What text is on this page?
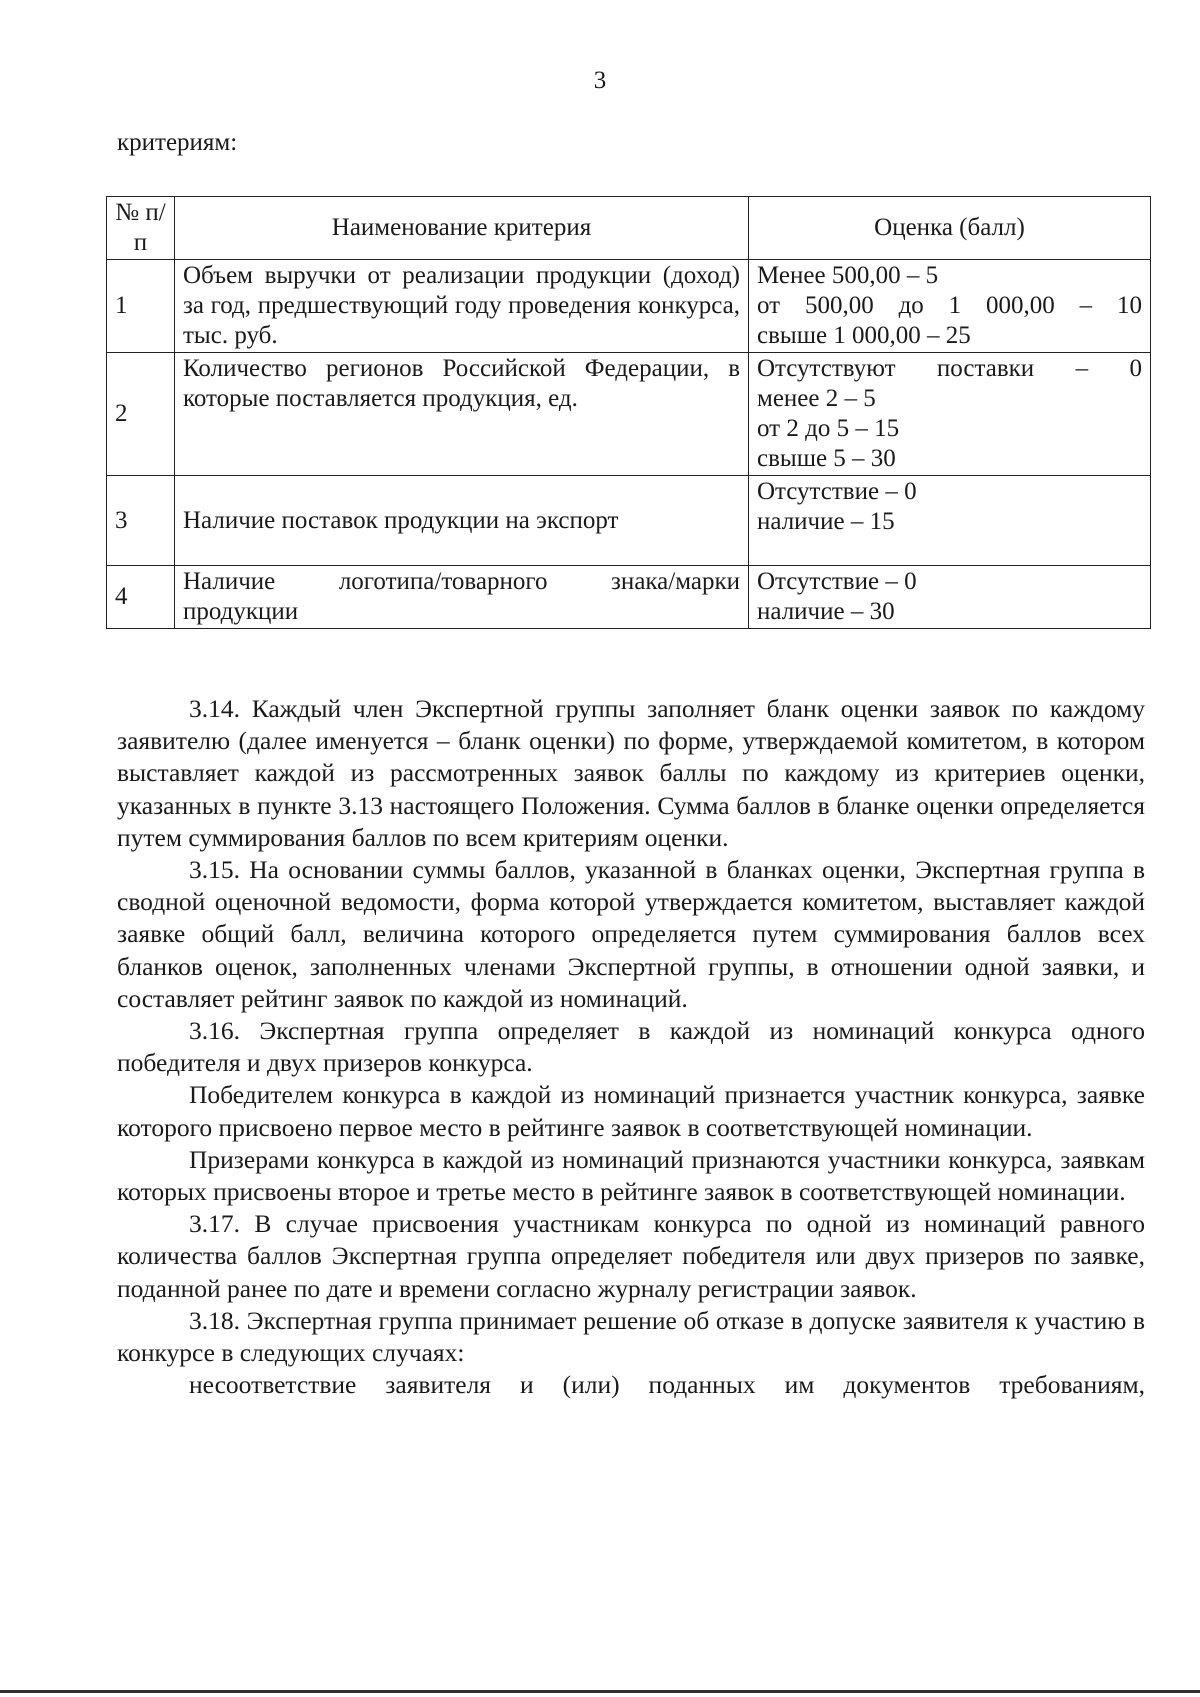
3
критериям:
№ п/п	Наименование критерия	Оценка (балл)
1	Объем выручки от реализации продукции (доход) за год, предшествующий году проведения конкурса, тыс. руб.	Менее 500,00 – 5
от 500,00 до 1 000,00 – 10
свыше 1 000,00 – 25

2	Количество регионов Российской Федерации, в которые поставляется продукция, ед.	Отсутствуют поставки – 0
менее 2 – 5
от 2 до 5 – 15
свыше 5 – 30

3	Наличие поставок продукции на экспорт	Отсутствие – 0
наличие – 15

4	Наличие логотипа/товарного знака/марки продукции	Отсутствие – 0
наличие – 30

3.14. Каждый член Экспертной группы заполняет бланк оценки заявок по каждому заявителю (далее именуется – бланк оценки) по форме, утверждаемой комитетом, в котором выставляет каждой из рассмотренных заявок баллы по каждому из критериев оценки, указанных в пункте 3.13 настоящего Положения. Сумма баллов в бланке оценки определяется путем суммирования баллов по всем критериям оценки.

3.15. На основании суммы баллов, указанной в бланках оценки, Экспертная группа в сводной оценочной ведомости, форма которой утверждается комитетом, выставляет каждой заявке общий балл, величина которого определяется путем суммирования баллов всех бланков оценок, заполненных членами Экспертной группы, в отношении одной заявки, и составляет рейтинг заявок по каждой из номинаций.

3.16. Экспертная группа определяет в каждой из номинаций конкурса одного победителя и двух призеров конкурса.

Победителем конкурса в каждой из номинаций признается участник конкурса, заявке которого присвоено первое место в рейтинге заявок в соответствующей номинации.

Призерами конкурса в каждой из номинаций признаются участники конкурса, заявкам которых присвоены второе и третье место в рейтинге заявок в соответствующей номинации.

3.17. В случае присвоения участникам конкурса по одной из номинаций равного количества баллов Экспертная группа определяет победителя или двух призеров по заявке, поданной ранее по дате и времени согласно журналу регистрации заявок.

3.18. Экспертная группа принимает решение об отказе в допуске заявителя к участию в конкурсе в следующих случаях:

несоответствие заявителя и (или) поданных им документов требованиям,
